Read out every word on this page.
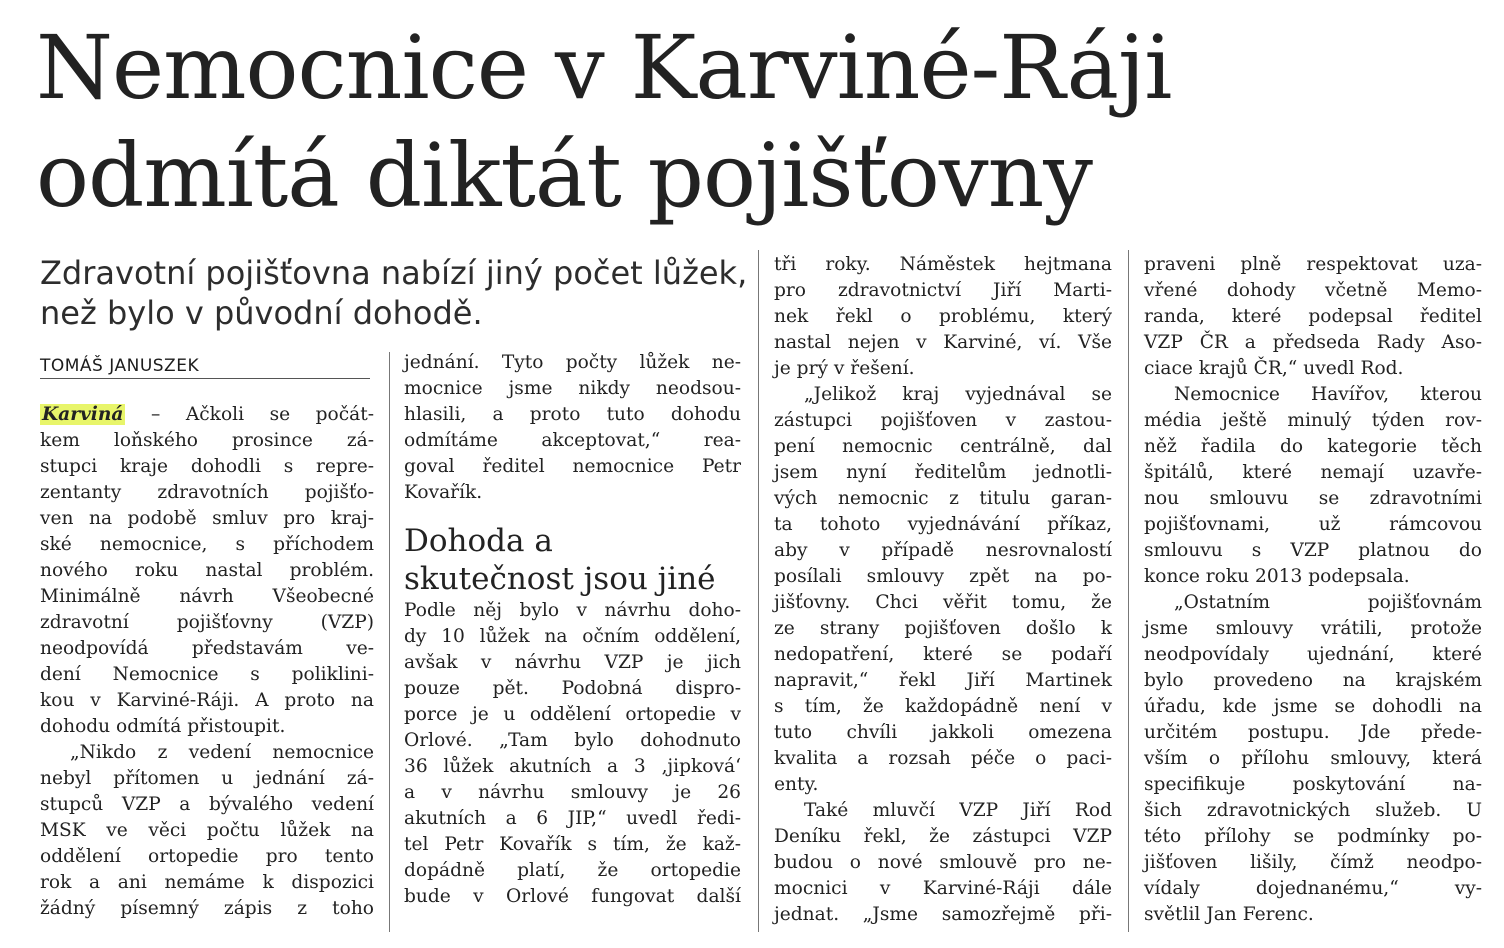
Nemocnice v Karviné-Ráji
odmítá diktát pojišťovny
Zdravotní pojišťovna nabízí jiný počet lůžek,
než bylo v původní dohodě.
TOMÁŠ JANUSZEK
Karviná – Ačkoli se počát-
kem loňského prosince zá-
stupci kraje dohodli s repre-
zentanty zdravotních pojišťo-
ven na podobě smluv pro kraj-
ské nemocnice, s příchodem
nového roku nastal problém.
Minimálně návrh Všeobecné
zdravotní pojišťovny (VZP)
neodpovídá představám ve-
dení Nemocnice s poliklini-
kou v Karviné-Ráji. A proto na
dohodu odmítá přistoupit.
„Nikdo z vedení nemocnice
nebyl přítomen u jednání zá-
stupců VZP a bývalého vedení
MSK ve věci počtu lůžek na
oddělení ortopedie pro tento
rok a ani nemáme k dispozici
žádný písemný zápis z toho
jednání. Tyto počty lůžek ne-
mocnice jsme nikdy neodsou-
hlasili, a proto tuto dohodu
odmítáme akceptovat,“ rea-
goval ředitel nemocnice Petr
Kovařík.
Dohoda a
skutečnost jsou jiné
Podle něj bylo v návrhu doho-
dy 10 lůžek na očním oddělení,
avšak v návrhu VZP je jich
pouze pět. Podobná dispro-
porce je u oddělení ortopedie v
Orlové. „Tam bylo dohodnuto
36 lůžek akutních a 3 ‚jipková‘
a v návrhu smlouvy je 26
akutních a 6 JIP,“ uvedl ředi-
tel Petr Kovařík s tím, že kaž-
dopádně platí, že ortopedie
bude v Orlové fungovat další
tři roky. Náměstek hejtmana
pro zdravotnictví Jiří Marti-
nek řekl o problému, který
nastal nejen v Karviné, ví. Vše
je prý v řešení.
„Jelikož kraj vyjednával se
zástupci pojišťoven v zastou-
pení nemocnic centrálně, dal
jsem nyní ředitelům jednotli-
vých nemocnic z titulu garan-
ta tohoto vyjednávání příkaz,
aby v případě nesrovnalostí
posílali smlouvy zpět na po-
jišťovny. Chci věřit tomu, že
ze strany pojišťoven došlo k
nedopatření, které se podaří
napravit,“ řekl Jiří Martinek
s tím, že každopádně není v
tuto chvíli jakkoli omezena
kvalita a rozsah péče o paci-
enty.
Také mluvčí VZP Jiří Rod
Deníku řekl, že zástupci VZP
budou o nové smlouvě pro ne-
mocnici v Karviné-Ráji dále
jednat. „Jsme samozřejmě při-
praveni plně respektovat uza-
vřené dohody včetně Memo-
randa, které podepsal ředitel
VZP ČR a předseda Rady Aso-
ciace krajů ČR,“ uvedl Rod.
Nemocnice Havířov, kterou
média ještě minulý týden rov-
něž řadila do kategorie těch
špitálů, které nemají uzavře-
nou smlouvu se zdravotními
pojišťovnami, už rámcovou
smlouvu s VZP platnou do
konce roku 2013 podepsala.
„Ostatním pojišťovnám
jsme smlouvy vrátili, protože
neodpovídaly ujednání, které
bylo provedeno na krajském
úřadu, kde jsme se dohodli na
určitém postupu. Jde přede-
vším o přílohu smlouvy, která
specifikuje poskytování na-
šich zdravotnických služeb. U
této přílohy se podmínky po-
jišťoven lišily, čímž neodpo-
vídaly dojednanému,“ vy-
světlil Jan Ferenc.
